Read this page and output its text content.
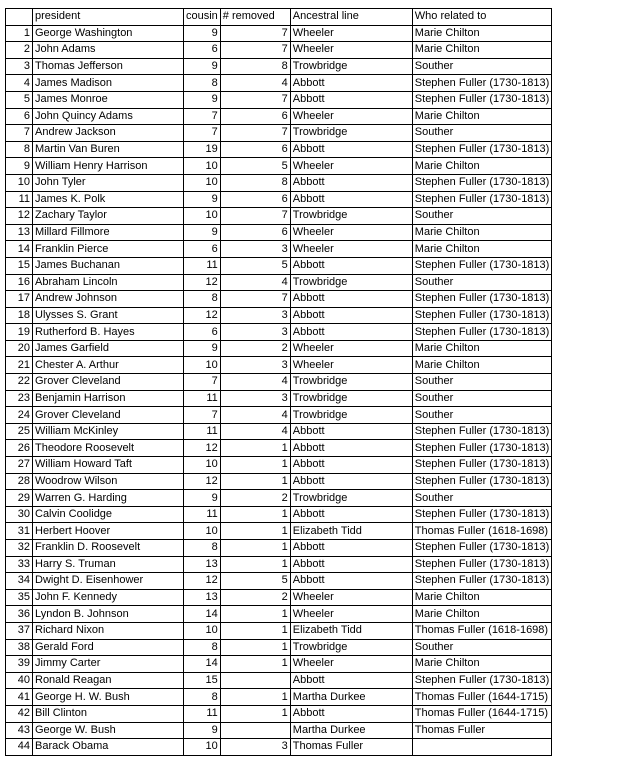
	president	cousin	# removed	Ancestral line	Who related to	
1	George Washington	9	7	Wheeler	Marie Chilton	
2	John Adams	6	7	Wheeler	Marie Chilton	
3	Thomas Jefferson	9	8	Trowbridge	Souther	
4	James Madison	8	4	Abbott	Stephen Fuller (1730-1813)	
5	James Monroe	9	7	Abbott	Stephen Fuller (1730-1813)	
6	John Quincy Adams	7	6	Wheeler	Marie Chilton	
7	Andrew Jackson	7	7	Trowbridge	Souther	
8	Martin Van Buren	19	6	Abbott	Stephen Fuller (1730-1813)	
9	William Henry Harrison	10	5	Wheeler	Marie Chilton	
10	John Tyler	10	8	Abbott	Stephen Fuller (1730-1813)	
11	James K. Polk	9	6	Abbott	Stephen Fuller (1730-1813)	
12	Zachary Taylor	10	7	Trowbridge	Souther	
13	Millard Fillmore	9	6	Wheeler	Marie Chilton	
14	Franklin Pierce	6	3	Wheeler	Marie Chilton	
15	James Buchanan	11	5	Abbott	Stephen Fuller (1730-1813)	
16	Abraham Lincoln	12	4	Trowbridge	Souther	
17	Andrew Johnson	8	7	Abbott	Stephen Fuller (1730-1813)	
18	Ulysses S. Grant	12	3	Abbott	Stephen Fuller (1730-1813)	
19	Rutherford B. Hayes	6	3	Abbott	Stephen Fuller (1730-1813)	
20	James Garfield	9	2	Wheeler	Marie Chilton	
21	Chester A. Arthur	10	3	Wheeler	Marie Chilton	
22	Grover Cleveland	7	4	Trowbridge	Souther	
23	Benjamin Harrison	11	3	Trowbridge	Souther	
24	Grover Cleveland	7	4	Trowbridge	Souther	
25	William McKinley	11	4	Abbott	Stephen Fuller (1730-1813)	
26	Theodore Roosevelt	12	1	Abbott	Stephen Fuller (1730-1813)	
27	William Howard Taft	10	1	Abbott	Stephen Fuller (1730-1813)	
28	Woodrow Wilson	12	1	Abbott	Stephen Fuller (1730-1813)	
29	Warren G. Harding	9	2	Trowbridge	Souther	
30	Calvin Coolidge	11	1	Abbott	Stephen Fuller (1730-1813)	
31	Herbert Hoover	10	1	Elizabeth Tidd	Thomas Fuller (1618-1698)	
32	Franklin D. Roosevelt	8	1	Abbott	Stephen Fuller (1730-1813)	
33	Harry S. Truman	13	1	Abbott	Stephen Fuller (1730-1813)	
34	Dwight D. Eisenhower	12	5	Abbott	Stephen Fuller (1730-1813)	
35	John F. Kennedy	13	2	Wheeler	Marie Chilton	
36	Lyndon B. Johnson	14	1	Wheeler	Marie Chilton	
37	Richard Nixon	10	1	Elizabeth Tidd	Thomas Fuller (1618-1698)	
38	Gerald Ford	8	1	Trowbridge	Souther	
39	Jimmy Carter	14	1	Wheeler	Marie Chilton	
40	Ronald Reagan	15		Abbott	Stephen Fuller (1730-1813)	
41	George H. W. Bush	8	1	Martha Durkee	Thomas Fuller (1644-1715)	
42	Bill Clinton	11	1	Abbott	Thomas Fuller (1644-1715)	
43	George W. Bush	9		Martha Durkee	Thomas Fuller	
44	Barack Obama	10	3	Thomas Fuller		
